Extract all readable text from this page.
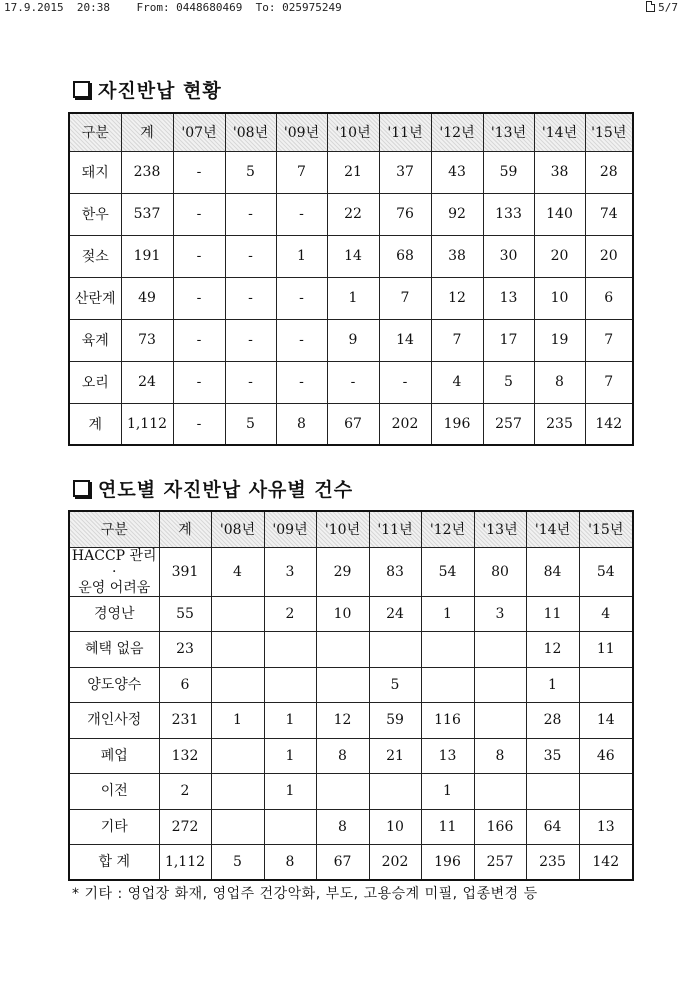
17.9.2015  20:38    From: 0448680469  To: 025975249	5/7
자진반납 현황
구분	계	'07년	'08년	'09년	'10년	'11년	'12년	'13년	'14년	'15년
돼지	238	-	5	7	21	37	43	59	38	28
한우	537	-	-	-	22	76	92	133	140	74
젖소	191	-	-	1	14	68	38	30	20	20
산란계	49	-	-	-	1	7	12	13	10	6
육계	73	-	-	-	9	14	7	17	19	7
오리	24	-	-	-	-	-	4	5	8	7
계	1,112	-	5	8	67	202	196	257	235	142
연도별 자진반납 사유별 건수
구분	계	'08년	'09년	'10년	'11년	'12년	'13년	'14년	'15년
HACCP 관리·
운영 어려움	391	4	3	29	83	54	80	84	54
경영난	55		2	10	24	1	3	11	4
혜택 없음	23							12	11
양도양수	6				5			1	
개인사정	231	1	1	12	59	116		28	14
폐업	132		1	8	21	13	8	35	46
이전	2		1			1			
기타	272			8	10	11	166	64	13
합 계	1,112	5	8	67	202	196	257	235	142
* 기타 : 영업장 화재, 영업주 건강악화, 부도, 고용승계 미필, 업종변경 등
